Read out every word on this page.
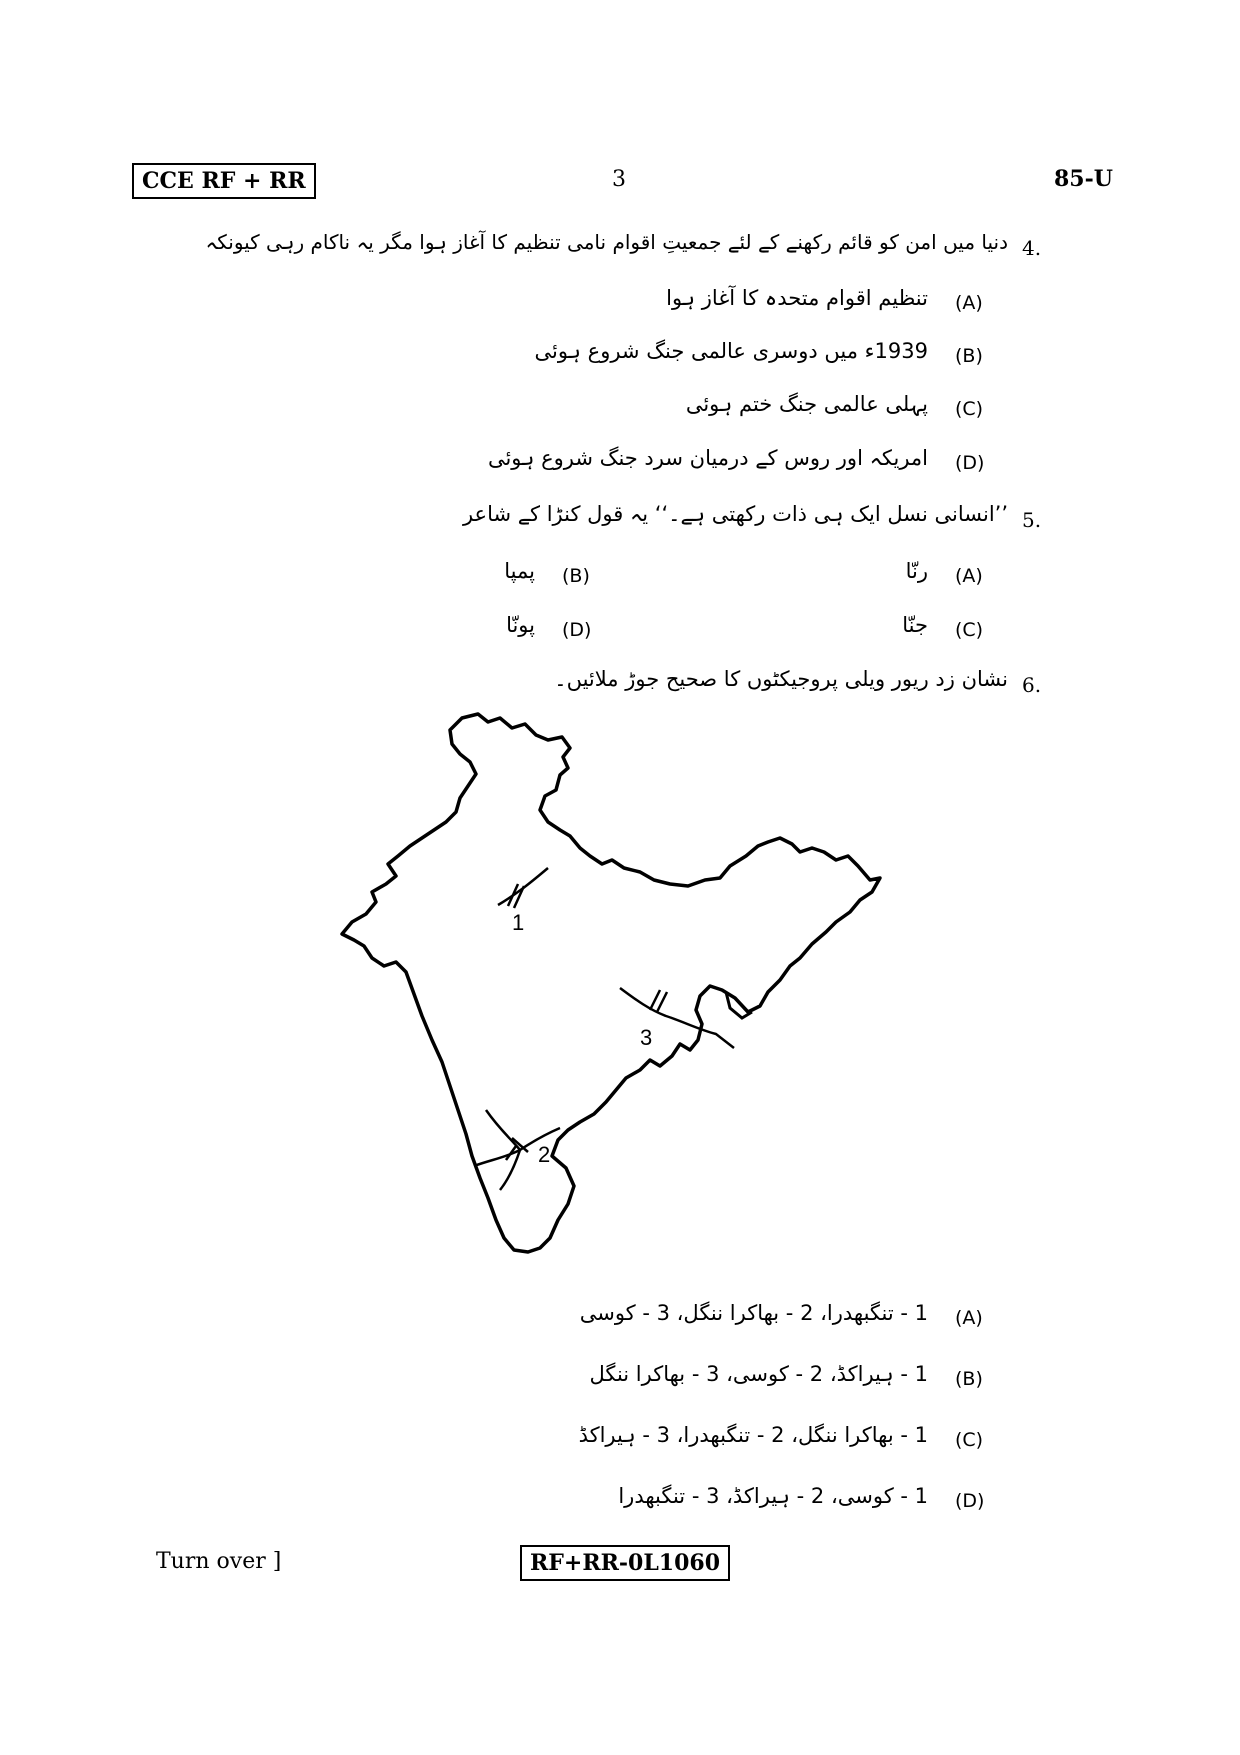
CCE RF + RR	3	85-U
4.
دنیا میں امن کو قائم رکھنے کے لئے جمعیتِ اقوام نامی تنظیم کا آغاز ہوا مگر یہ ناکام رہی کیونکہ
(A)
تنظیم اقوام متحدہ کا آغاز ہوا
(B)
1939ء میں دوسری عالمی جنگ شروع ہوئی
(C)
پہلی عالمی جنگ ختم ہوئی
(D)
امریکہ اور روس کے درمیان سرد جنگ شروع ہوئی
5.
’’انسانی نسل ایک ہی ذات رکھتی ہے۔‘‘ یہ قول کنڑا کے شاعر
(A)
رنّا
(B)
پمپا
(C)
جنّا
(D)
پونّا
6.
نشان زد ریور ویلی پروجیکٹوں کا صحیح جوڑ ملائیں۔
1
3
2
(A)
1 - تنگبھدرا، 2 - بھاکرا ننگل، 3 - کوسی
(B)
1 - ہیراکڈ، 2 - کوسی، 3 - بھاکرا ننگل
(C)
1 - بھاکرا ننگل، 2 - تنگبھدرا، 3 - ہیراکڈ
(D)
1 - کوسی، 2 - ہیراکڈ، 3 - تنگبھدرا
Turn over ]	RF+RR-0L1060
